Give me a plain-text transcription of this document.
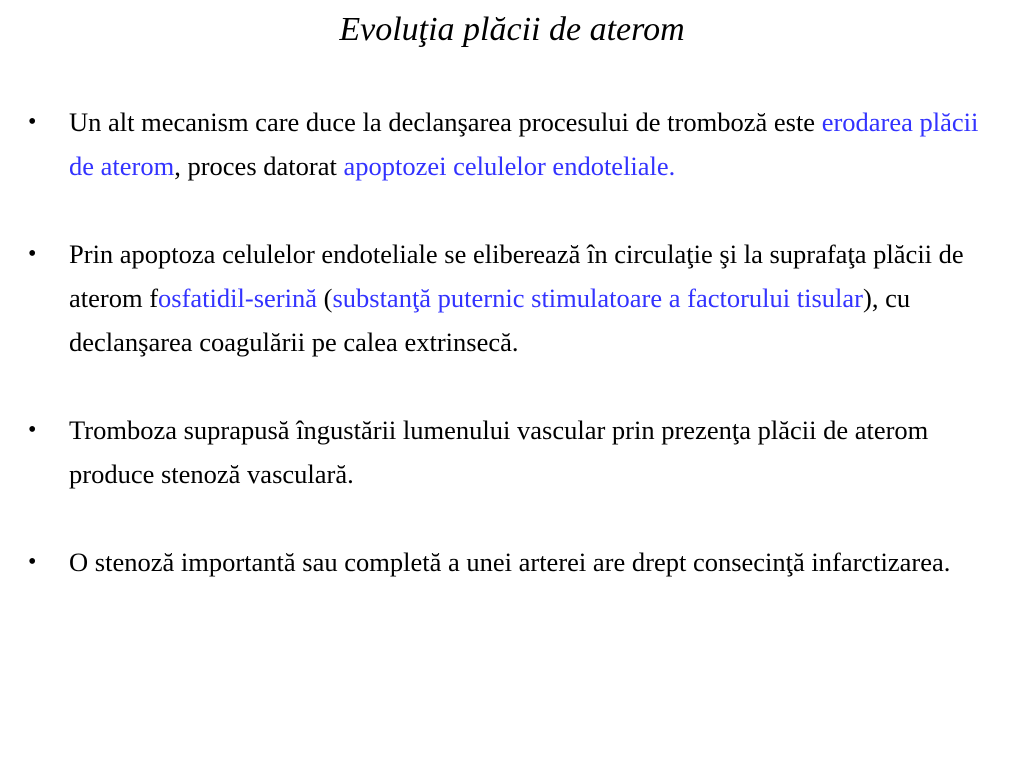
Evoluţia plăcii de aterom
• Un alt mecanism care duce la declanşarea procesului de tromboză este erodarea plăcii de aterom, proces datorat apoptozei celulelor endoteliale.
• Prin apoptoza celulelor endoteliale se eliberează în circulaţie şi la suprafaţa plăcii de aterom fosfatidil-serină (substanţă puternic stimulatoare a factorului tisular), cu declanşarea coagulării pe calea extrinsecă.
• Tromboza suprapusă îngustării lumenului vascular prin prezenţa plăcii de aterom produce stenoză vasculară.
• O stenoză importantă sau completă a unei arterei are drept consecinţă infarctizarea.
